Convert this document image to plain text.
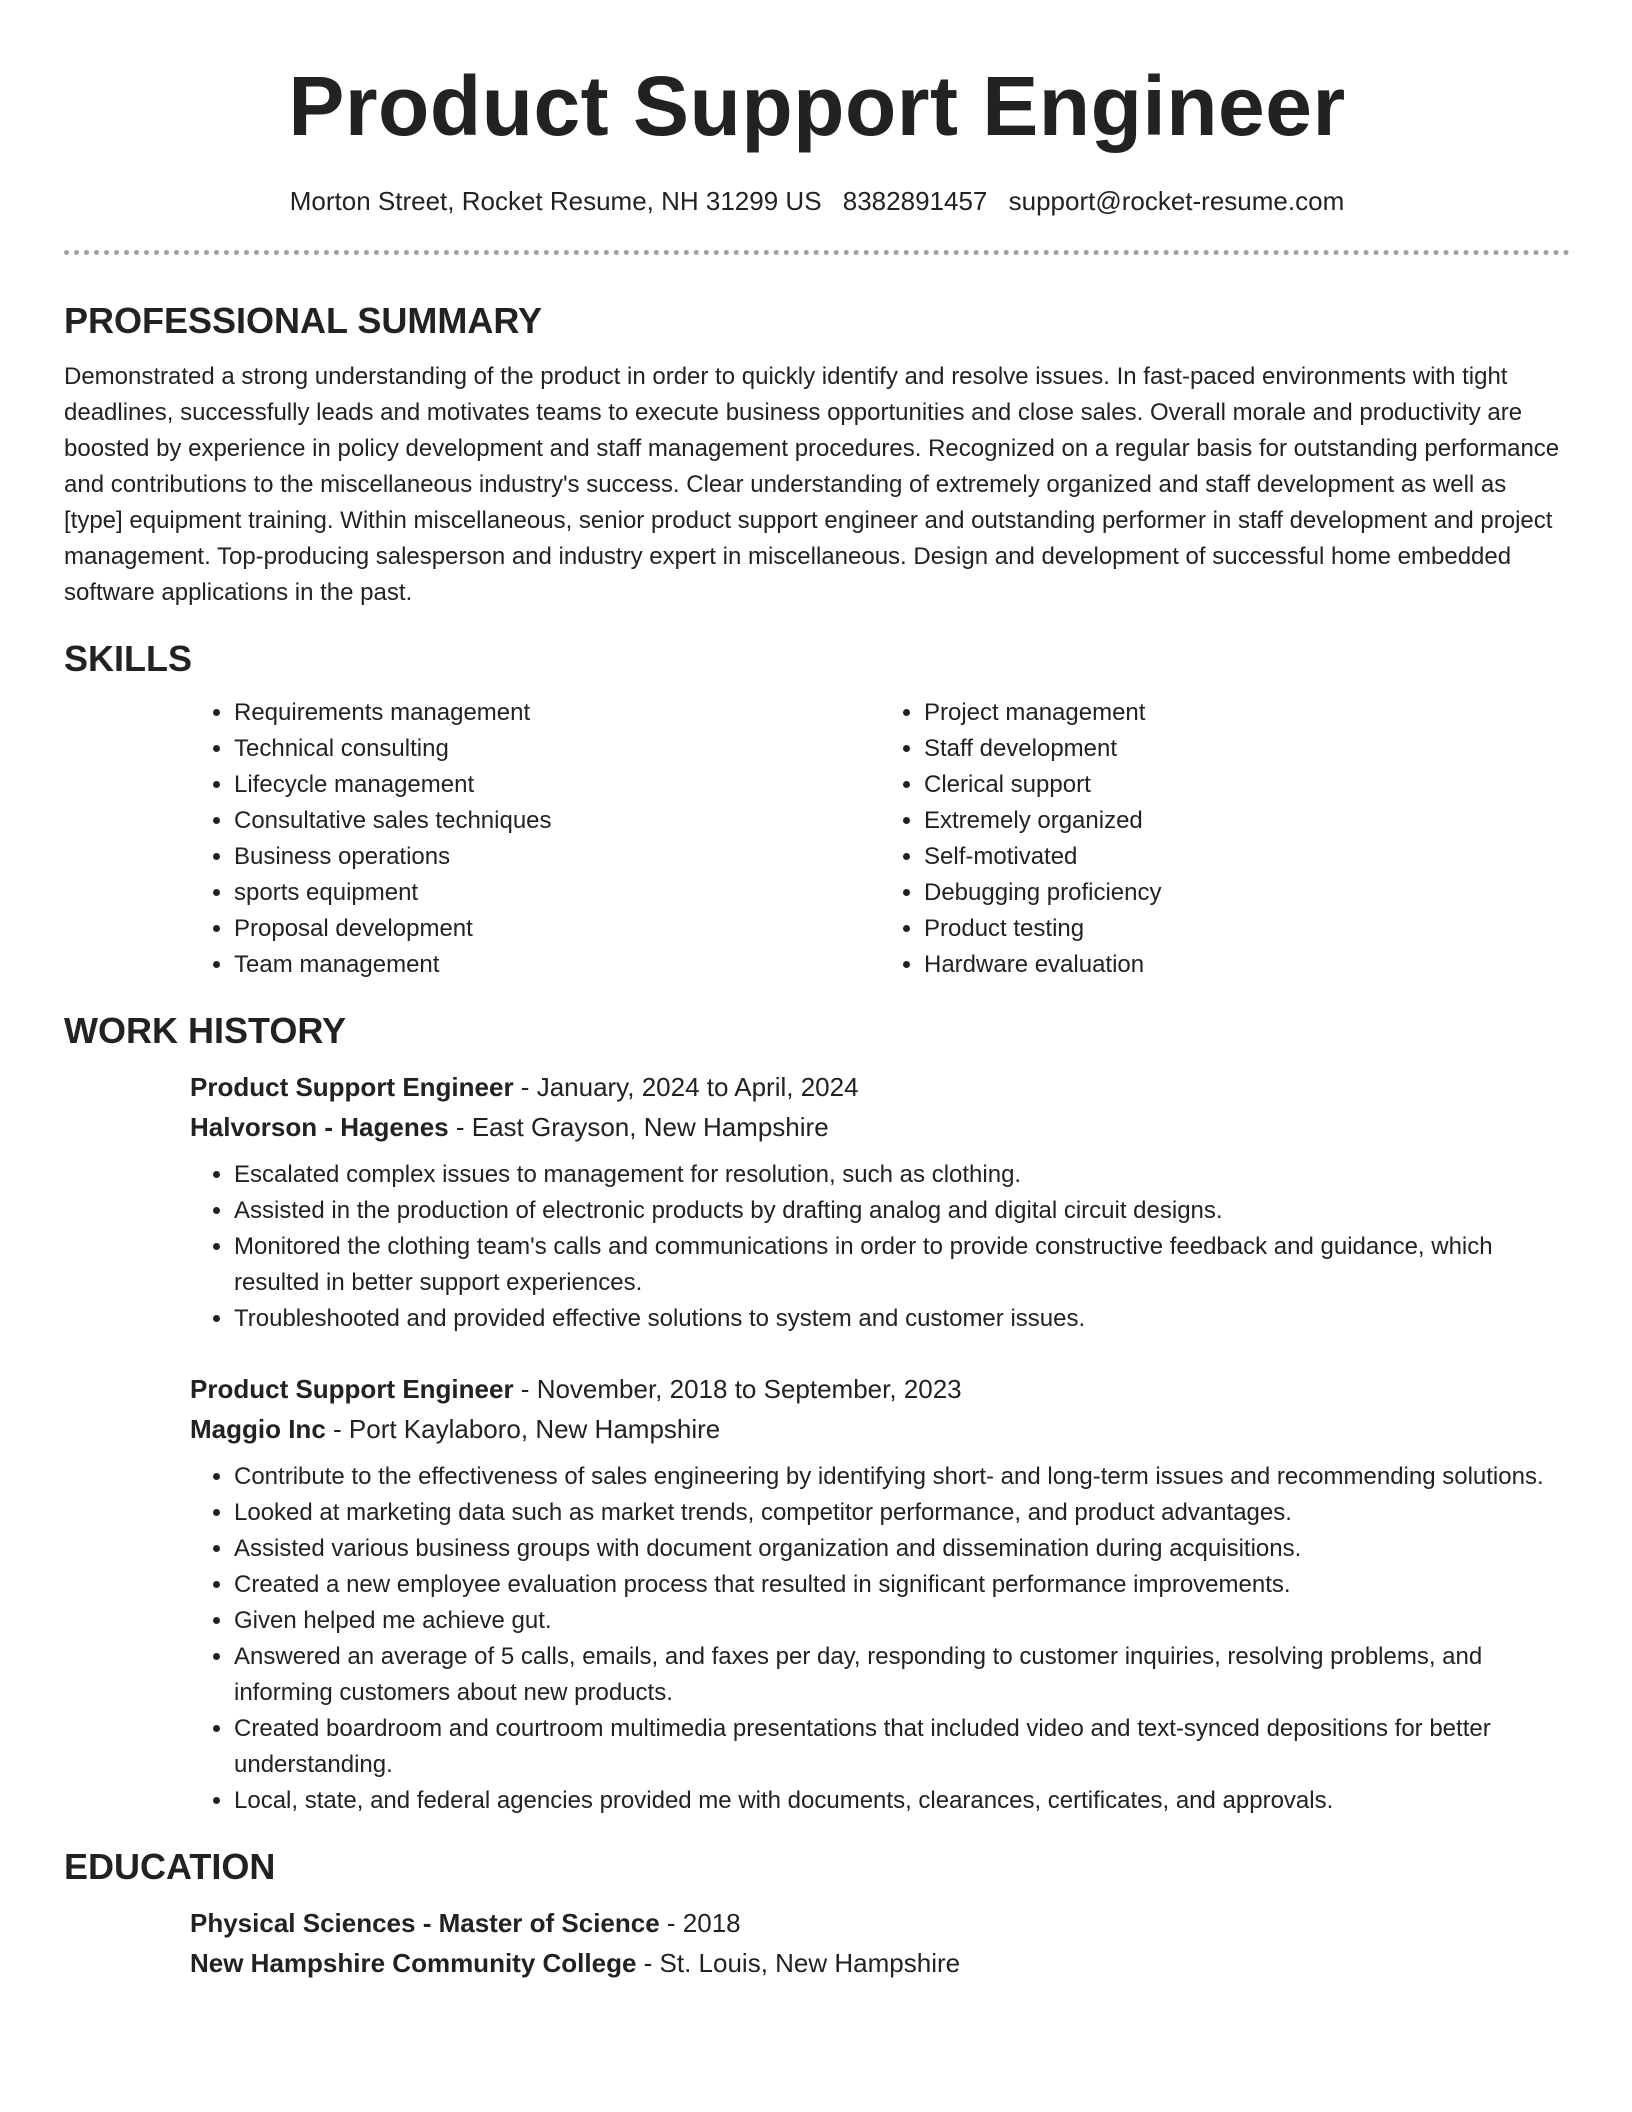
Product Support Engineer
Morton Street, Rocket Resume, NH 31299 US 8382891457 support@rocket-resume.com
PROFESSIONAL SUMMARY

Demonstrated a strong understanding of the product in order to quickly identify and resolve issues. In fast-paced environments with tight deadlines, successfully leads and motivates teams to execute business opportunities and close sales. Overall morale and productivity are boosted by experience in policy development and staff management procedures. Recognized on a regular basis for outstanding performance and contributions to the miscellaneous industry's success. Clear understanding of extremely organized and staff development as well as [type] equipment training. Within miscellaneous, senior product support engineer and outstanding performer in staff development and project management. Top-producing salesperson and industry expert in miscellaneous. Design and development of successful home embedded software applications in the past.

SKILLS
• Requirements management
• Technical consulting
• Lifecycle management
• Consultative sales techniques
• Business operations
• sports equipment
• Proposal development
• Team management
• Project management
• Staff development
• Clerical support
• Extremely organized
• Self-motivated
• Debugging proficiency
• Product testing
• Hardware evaluation
WORK HISTORY
Product Support Engineer - January, 2024 to April, 2024
Halvorson - Hagenes - East Grayson, New Hampshire
• Escalated complex issues to management for resolution, such as clothing.
• Assisted in the production of electronic products by drafting analog and digital circuit designs.
• Monitored the clothing team's calls and communications in order to provide constructive feedback and guidance, which resulted in better support experiences.
• Troubleshooted and provided effective solutions to system and customer issues.
Product Support Engineer - November, 2018 to September, 2023
Maggio Inc - Port Kaylaboro, New Hampshire
• Contribute to the effectiveness of sales engineering by identifying short- and long-term issues and recommending solutions.
• Looked at marketing data such as market trends, competitor performance, and product advantages.
• Assisted various business groups with document organization and dissemination during acquisitions.
• Created a new employee evaluation process that resulted in significant performance improvements.
• Given helped me achieve gut.
• Answered an average of 5 calls, emails, and faxes per day, responding to customer inquiries, resolving problems, and informing customers about new products.
• Created boardroom and courtroom multimedia presentations that included video and text-synced depositions for better understanding.
• Local, state, and federal agencies provided me with documents, clearances, certificates, and approvals.
EDUCATION
Physical Sciences - Master of Science - 2018
New Hampshire Community College - St. Louis, New Hampshire
